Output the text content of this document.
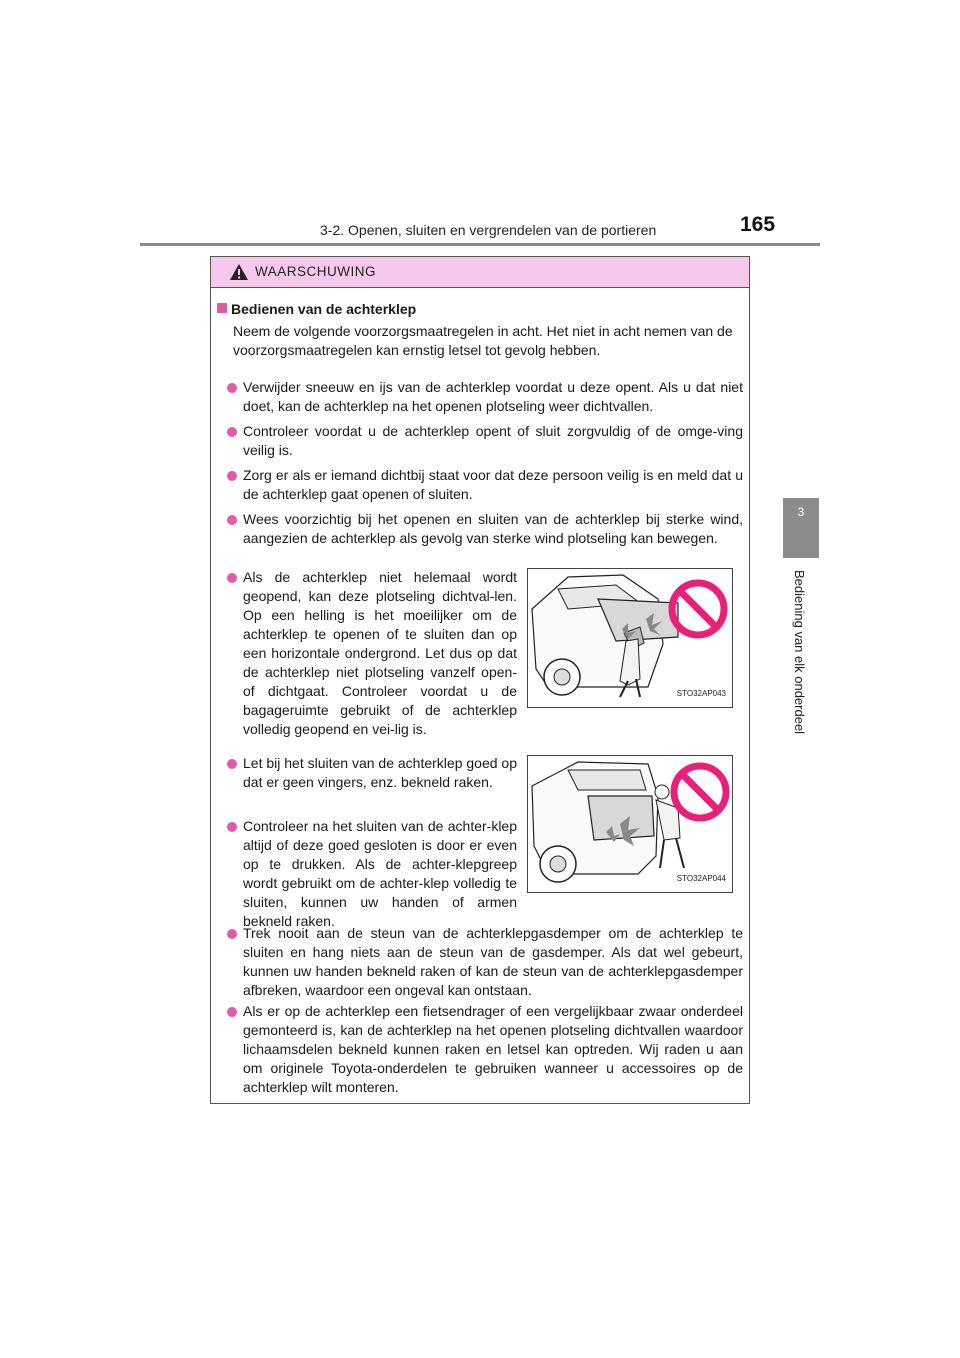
3-2. Openen, sluiten en vergrendelen van de portieren	165
3
Bediening van elk onderdeel
WAARSCHUWING
Bedienen van de achterklep
Neem de volgende voorzorgsmaatregelen in acht. Het niet in acht nemen van de voorzorgsmaatregelen kan ernstig letsel tot gevolg hebben.
Verwijder sneeuw en ijs van de achterklep voordat u deze opent. Als u dat niet doet, kan de achterklep na het openen plotseling weer dichtvallen.
Controleer voordat u de achterklep opent of sluit zorgvuldig of de omge-ving veilig is.
Zorg er als er iemand dichtbij staat voor dat deze persoon veilig is en meld dat u de achterklep gaat openen of sluiten.
Wees voorzichtig bij het openen en sluiten van de achterklep bij sterke wind, aangezien de achterklep als gevolg van sterke wind plotseling kan bewegen.
Als de achterklep niet helemaal wordt geopend, kan deze plotseling dichtval-len. Op een helling is het moeilijker om de achterklep te openen of te sluiten dan op een horizontale ondergrond. Let dus op dat de achterklep niet plotseling vanzelf open- of dichtgaat. Controleer voordat u de bagageruimte gebruikt of de achterklep volledig geopend en vei-lig is.
Let bij het sluiten van de achterklep goed op dat er geen vingers, enz. bekneld raken.
Controleer na het sluiten van de achter-klep altijd of deze goed gesloten is door er even op te drukken. Als de achter-klepgreep wordt gebruikt om de achter-klep volledig te sluiten, kunnen uw handen of armen bekneld raken.
Trek nooit aan de steun van de achterklepgasdemper om de achterklep te sluiten en hang niets aan de steun van de gasdemper. Als dat wel gebeurt, kunnen uw handen bekneld raken of kan de steun van de achterklepgasdemper afbreken, waardoor een ongeval kan ontstaan.
Als er op de achterklep een fietsendrager of een vergelijkbaar zwaar onderdeel gemonteerd is, kan de achterklep na het openen plotseling dichtvallen waardoor lichaamsdelen bekneld kunnen raken en letsel kan optreden. Wij raden u aan om originele Toyota-onderdelen te gebruiken wanneer u accessoires op de achterklep wilt monteren.
STO32AP043
STO32AP044
